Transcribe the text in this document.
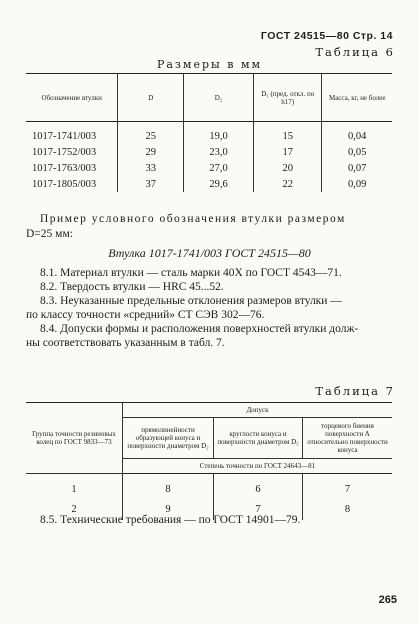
ГОСТ 24515—80 Стр. 14
Таблица 6
Размеры в мм
Обозначение втулки	D	D₂	D₅ (пред. откл. по h17)	Масса, кг, не более
1017-1741/003	25	19,0	15	0,04
1017-1752/003	29	23,0	17	0,05
1017-1763/003	33	27,0	20	0,07
1017-1805/003	37	29,6	22	0,09
Пример условного обозначения втулки размером
D=25 мм:
Втулка 1017-1741/003 ГОСТ 24515—80
8.1. Материал втулки — сталь марки 40Х по ГОСТ 4543—71.
8.2. Твердость втулки — HRC 45...52.
8.3. Неуказанные предельные отклонения размеров втулки —
по классу точности «средний» СТ СЭВ 302—76.
8.4. Допуски формы и расположения поверхностей втулки долж-
ны соответствовать указанным в табл. 7.
Таблица 7
Группа точности резиновых колец по ГОСТ 9833—73	Допуск		
	прямолинейности образующей конуса и поверхности диаметром D₂	круглости конуса и поверхности диаметром D₅	торцевого биения поверхности А относительно поверхности конуса
	Степень точности по ГОСТ 24643—81		
1	8	6	7
2	9	7	8
8.5. Технические требования — по ГОСТ 14901—79.
265
